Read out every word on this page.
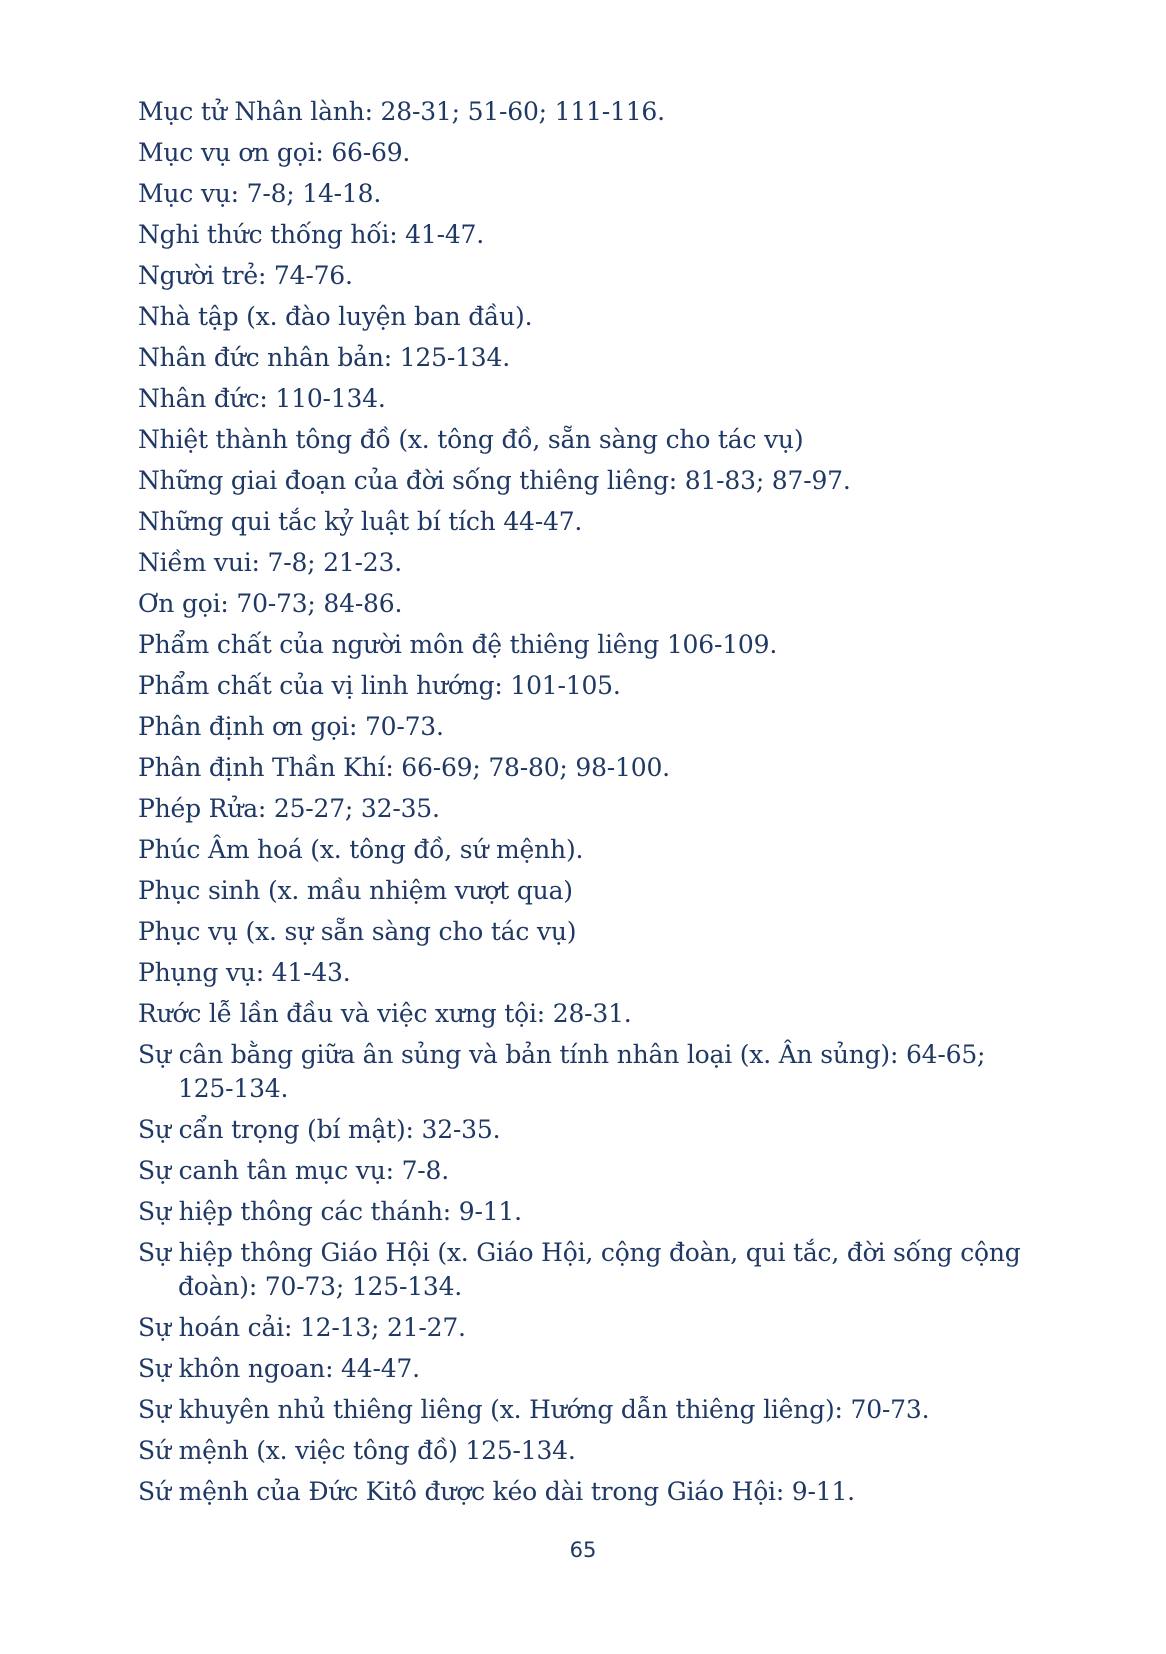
Mục tử Nhân lành: 28-31; 51-60; 111-116.
Mục vụ ơn gọi: 66-69.
Mục vụ: 7-8; 14-18.
Nghi thức thống hối: 41-47.
Người trẻ: 74-76.
Nhà tập (x. đào luyện ban đầu).
Nhân đức nhân bản: 125-134.
Nhân đức: 110-134.
Nhiệt thành tông đồ (x. tông đồ, sẵn sàng cho tác vụ)
Những giai đoạn của đời sống thiêng liêng: 81-83; 87-97.
Những qui tắc kỷ luật bí tích 44-47.
Niềm vui: 7-8; 21-23.
Ơn gọi: 70-73; 84-86.
Phẩm chất của người môn đệ thiêng liêng 106-109.
Phẩm chất của vị linh hướng: 101-105.
Phân định ơn gọi: 70-73.
Phân định Thần Khí: 66-69; 78-80; 98-100.
Phép Rửa: 25-27; 32-35.
Phúc Âm hoá (x. tông đồ, sứ mệnh).
Phục sinh (x. mầu nhiệm vượt qua)
Phục vụ (x. sự sẵn sàng cho tác vụ)
Phụng vụ: 41-43.
Rước lễ lần đầu và việc xưng tội: 28-31.
Sự cân bằng giữa ân sủng và bản tính nhân loại (x. Ân sủng): 64-65; 125-134.
Sự cẩn trọng (bí mật): 32-35.
Sự canh tân mục vụ: 7-8.
Sự hiệp thông các thánh: 9-11.
Sự hiệp thông Giáo Hội (x. Giáo Hội, cộng đoàn, qui tắc, đời sống cộng đoàn): 70-73; 125-134.
Sự hoán cải: 12-13; 21-27.
Sự khôn ngoan: 44-47.
Sự khuyên nhủ thiêng liêng (x. Hướng dẫn thiêng liêng): 70-73.
Sứ mệnh (x. việc tông đồ) 125-134.
Sứ mệnh của Đức Kitô được kéo dài trong Giáo Hội: 9-11.
65
